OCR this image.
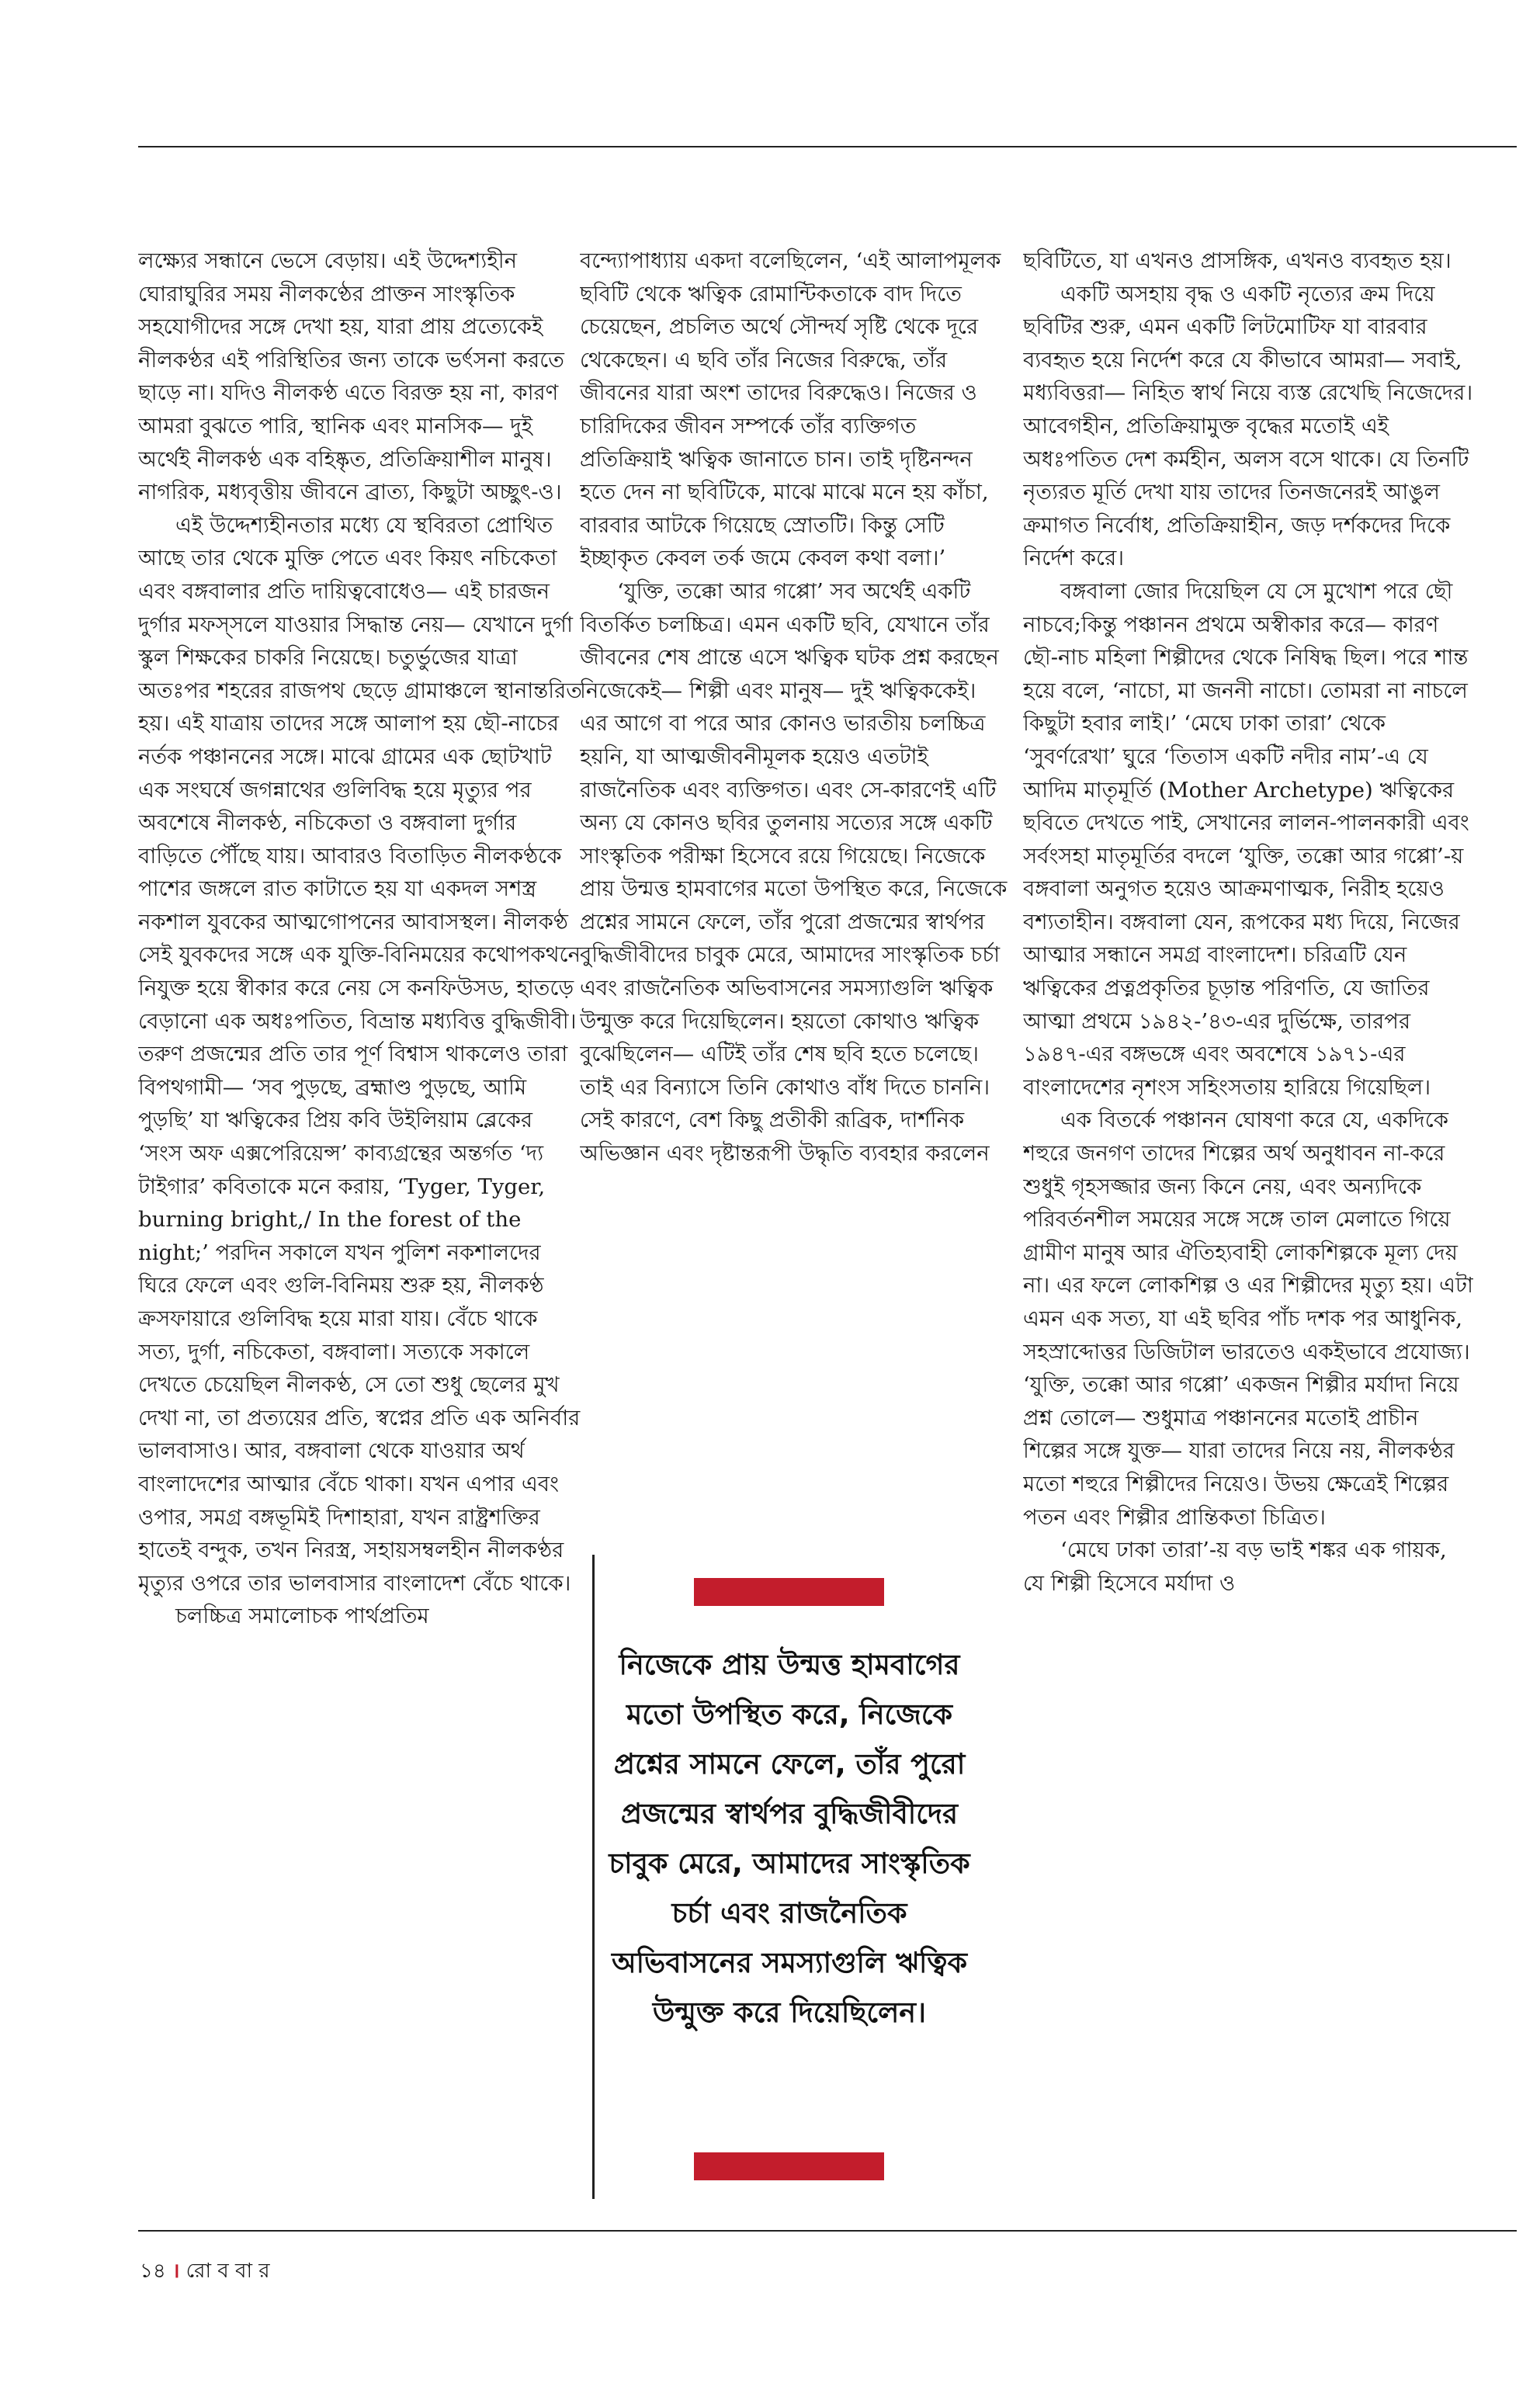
লক্ষ্যের সন্ধানে ভেসে বেড়ায়। এই উদ্দেশ্যহীন ঘোরাঘুরির সময় নীলকণ্ঠের প্রাক্তন সাংস্কৃতিক সহযোগীদের সঙ্গে দেখা হয়, যারা প্রায় প্রত্যেকেই নীলকণ্ঠর এই পরিস্থিতির জন্য তাকে ভর্ৎসনা করতে ছাড়ে না। যদিও নীলকণ্ঠ এতে বিরক্ত হয় না, কারণ আমরা বুঝতে পারি, স্থানিক এবং মানসিক— দুই অর্থেই নীলকণ্ঠ এক বহিষ্কৃত, প্রতিক্রিয়াশীল মানুষ। নাগরিক, মধ্যবৃত্তীয় জীবনে ব্রাত্য, কিছুটা অচ্ছুৎ-ও।

এই উদ্দেশ্যহীনতার মধ্যে যে স্থবিরতা প্রোথিত আছে তার থেকে মুক্তি পেতে এবং কিয়ৎ নচিকেতা এবং বঙ্গবালার প্রতি দায়িত্ববোধেও— এই চারজন দুর্গার মফস্সলে যাওয়ার সিদ্ধান্ত নেয়— যেখানে দুর্গা স্কুল শিক্ষকের চাকরি নিয়েছে। চতুর্ভুজের যাত্রা অতঃপর শহরের রাজপথ ছেড়ে গ্রামাঞ্চলে স্থানান্তরিত হয়। এই যাত্রায় তাদের সঙ্গে আলাপ হয় ছৌ-নাচের নর্তক পঞ্চাননের সঙ্গে। মাঝে গ্রামের এক ছোটখাট এক সংঘর্ষে জগন্নাথের গুলিবিদ্ধ হয়ে মৃত্যুর পর অবশেষে নীলকণ্ঠ, নচিকেতা ও বঙ্গবালা দুর্গার বাড়িতে পৌঁছে যায়। আবারও বিতাড়িত নীলকণ্ঠকে পাশের জঙ্গলে রাত কাটাতে হয় যা একদল সশস্ত্র নকশাল যুবকের আত্মগোপনের আবাসস্থল। নীলকণ্ঠ সেই যুবকদের সঙ্গে এক যুক্তি-বিনিময়ের কথোপকথনে নিযুক্ত হয়ে স্বীকার করে নেয় সে কনফিউসড, হাতড়ে বেড়ানো এক অধঃপতিত, বিভ্রান্ত মধ্যবিত্ত বুদ্ধিজীবী। তরুণ প্রজন্মের প্রতি তার পূর্ণ বিশ্বাস থাকলেও তারা বিপথগামী— ‘সব পুড়ছে, ব্রহ্মাণ্ড পুড়ছে, আমি পুড়ছি’ যা ঋত্বিকের প্রিয় কবি উইলিয়াম ব্লেকের ‘সংস অফ এক্সপেরিয়েন্স’ কাব্যগ্রন্থের অন্তর্গত ‘দ্য টাইগার’ কবিতাকে মনে করায়, ‘Tyger, Tyger, burning bright,/ In the forest of the night;’ পরদিন সকালে যখন পুলিশ নকশালদের ঘিরে ফেলে এবং গুলি-বিনিময় শুরু হয়, নীলকণ্ঠ ক্রসফায়ারে গুলিবিদ্ধ হয়ে মারা যায়। বেঁচে থাকে সত্য, দুর্গা, নচিকেতা, বঙ্গবালা। সত্যকে সকালে দেখতে চেয়েছিল নীলকণ্ঠ, সে তো শুধু ছেলের মুখ দেখা না, তা প্রত্যয়ের প্রতি, স্বপ্নের প্রতি এক অনির্বার ভালবাসাও। আর, বঙ্গবালা থেকে যাওয়ার অর্থ বাংলাদেশের আত্মার বেঁচে থাকা। যখন এপার এবং ওপার, সমগ্র বঙ্গভূমিই দিশাহারা, যখন রাষ্ট্রশক্তির হাতেই বন্দুক, তখন নিরস্ত্র, সহায়সম্বলহীন নীলকণ্ঠর মৃত্যুর ওপরে তার ভালবাসার বাংলাদেশ বেঁচে থাকে।

চলচ্চিত্র সমালোচক পার্থপ্রতিম

বন্দ্যোপাধ্যায় একদা বলেছিলেন, ‘এই আলাপমূলক ছবিটি থেকে ঋত্বিক রোমান্টিকতাকে বাদ দিতে চেয়েছেন, প্রচলিত অর্থে সৌন্দর্য সৃষ্টি থেকে দূরে থেকেছেন। এ ছবি তাঁর নিজের বিরুদ্ধে, তাঁর জীবনের যারা অংশ তাদের বিরুদ্ধেও। নিজের ও চারিদিকের জীবন সম্পর্কে তাঁর ব্যক্তিগত প্রতিক্রিয়াই ঋত্বিক জানাতে চান। তাই দৃষ্টিনন্দন হতে দেন না ছবিটিকে, মাঝে মাঝে মনে হয় কাঁচা, বারবার আটকে গিয়েছে স্রোতটি। কিন্তু সেটি ইচ্ছাকৃত কেবল তর্ক জমে কেবল কথা বলা।’

‘যুক্তি, তক্কো আর গপ্পো’ সব অর্থেই একটি বিতর্কিত চলচ্চিত্র। এমন একটি ছবি, যেখানে তাঁর জীবনের শেষ প্রান্তে এসে ঋত্বিক ঘটক প্রশ্ন করছেন নিজেকেই— শিল্পী এবং মানুষ— দুই ঋত্বিককেই। এর আগে বা পরে আর কোনও ভারতীয় চলচ্চিত্র হয়নি, যা আত্মজীবনীমূলক হয়েও এতটাই রাজনৈতিক এবং ব্যক্তিগত। এবং সে-কারণেই এটি অন্য যে কোনও ছবির তুলনায় সত্যের সঙ্গে একটি সাংস্কৃতিক পরীক্ষা হিসেবে রয়ে গিয়েছে। নিজেকে প্রায় উন্মত্ত হামবাগের মতো উপস্থিত করে, নিজেকে প্রশ্নের সামনে ফেলে, তাঁর পুরো প্রজন্মের স্বার্থপর বুদ্ধিজীবীদের চাবুক মেরে, আমাদের সাংস্কৃতিক চর্চা এবং রাজনৈতিক অভিবাসনের সমস্যাগুলি ঋত্বিক উন্মুক্ত করে দিয়েছিলেন। হয়তো কোথাও ঋত্বিক বুঝেছিলেন— এটিই তাঁর শেষ ছবি হতে চলেছে। তাই এর বিন্যাসে তিনি কোথাও বাঁধ দিতে চাননি। সেই কারণে, বেশ কিছু প্রতীকী রূব্রিক, দার্শনিক অভিজ্ঞান এবং দৃষ্টান্তরূপী উদ্ধৃতি ব্যবহার করলেন

নিজেকে প্রায় উন্মত্ত হামবাগের মতো উপস্থিত করে, নিজেকে প্রশ্নের সামনে ফেলে, তাঁর পুরো প্রজন্মের স্বার্থপর বুদ্ধিজীবীদের চাবুক মেরে, আমাদের সাংস্কৃতিক চর্চা এবং রাজনৈতিক অভিবাসনের সমস্যাগুলি ঋত্বিক উন্মুক্ত করে দিয়েছিলেন।

ছবিটিতে, যা এখনও প্রাসঙ্গিক, এখনও ব্যবহৃত হয়।

একটি অসহায় বৃদ্ধ ও একটি নৃত্যের ক্রম দিয়ে ছবিটির শুরু, এমন একটি লিটমোটিফ যা বারবার ব্যবহৃত হয়ে নির্দেশ করে যে কীভাবে আমরা— সবাই, মধ্যবিত্তরা— নিহিত স্বার্থ নিয়ে ব্যস্ত রেখেছি নিজেদের। আবেগহীন, প্রতিক্রিয়ামুক্ত বৃদ্ধের মতোই এই অধঃপতিত দেশ কর্মহীন, অলস বসে থাকে। যে তিনটি নৃত্যরত মূর্তি দেখা যায় তাদের তিনজনেরই আঙুল ক্রমাগত নির্বোধ, প্রতিক্রিয়াহীন, জড় দর্শকদের দিকে নির্দেশ করে।

বঙ্গবালা জোর দিয়েছিল যে সে মুখোশ পরে ছৌ নাচবে;কিন্তু পঞ্চানন প্রথমে অস্বীকার করে— কারণ ছৌ-নাচ মহিলা শিল্পীদের থেকে নিষিদ্ধ ছিল। পরে শান্ত হয়ে বলে, ‘নাচো, মা জননী নাচো। তোমরা না নাচলে কিছুটা হবার লাই।’ ‘মেঘে ঢাকা তারা’ থেকে ‘সুবর্ণরেখা’ ঘুরে ‘তিতাস একটি নদীর নাম’-এ যে আদিম মাতৃমূর্তি (Mother Archetype) ঋত্বিকের ছবিতে দেখতে পাই, সেখানের লালন-পালনকারী এবং সর্বংসহা মাতৃমূর্তির বদলে ‘যুক্তি, তক্কো আর গপ্পো’-য় বঙ্গবালা অনুগত হয়েও আক্রমণাত্মক, নিরীহ হয়েও বশ্যতাহীন। বঙ্গবালা যেন, রূপকের মধ্য দিয়ে, নিজের আত্মার সন্ধানে সমগ্র বাংলাদেশ। চরিত্রটি যেন ঋত্বিকের প্রত্নপ্রকৃতির চূড়ান্ত পরিণতি, যে জাতির আত্মা প্রথমে ১৯৪২-’৪৩-এর দুর্ভিক্ষে, তারপর ১৯৪৭-এর বঙ্গভঙ্গে এবং অবশেষে ১৯৭১-এর বাংলাদেশের নৃশংস সহিংসতায় হারিয়ে গিয়েছিল।

এক বিতর্কে পঞ্চানন ঘোষণা করে যে, একদিকে শহুরে জনগণ তাদের শিল্পের অর্থ অনুধাবন না-করে শুধুই গৃহসজ্জার জন্য কিনে নেয়, এবং অন্যদিকে পরিবর্তনশীল সময়ের সঙ্গে সঙ্গে তাল মেলাতে গিয়ে গ্রামীণ মানুষ আর ঐতিহ্যবাহী লোকশিল্পকে মূল্য দেয় না। এর ফলে লোকশিল্প ও এর শিল্পীদের মৃত্যু হয়। এটা এমন এক সত্য, যা এই ছবির পাঁচ দশক পর আধুনিক, সহস্রাব্দোত্তর ডিজিটাল ভারতেও একইভাবে প্রযোজ্য। ‘যুক্তি, তক্কো আর গপ্পো’ একজন শিল্পীর মর্যাদা নিয়ে প্রশ্ন তোলে— শুধুমাত্র পঞ্চাননের মতোই প্রাচীন শিল্পের সঙ্গে যুক্ত— যারা তাদের নিয়ে নয়, নীলকণ্ঠর মতো শহুরে শিল্পীদের নিয়েও। উভয় ক্ষেত্রেই শিল্পের পতন এবং শিল্পীর প্রান্তিকতা চিত্রিত।

‘মেঘে ঢাকা তারা’-য় বড় ভাই শঙ্কর এক গায়ক, যে শিল্পী হিসেবে মর্যাদা ও

১৪ । রো ব বা র
